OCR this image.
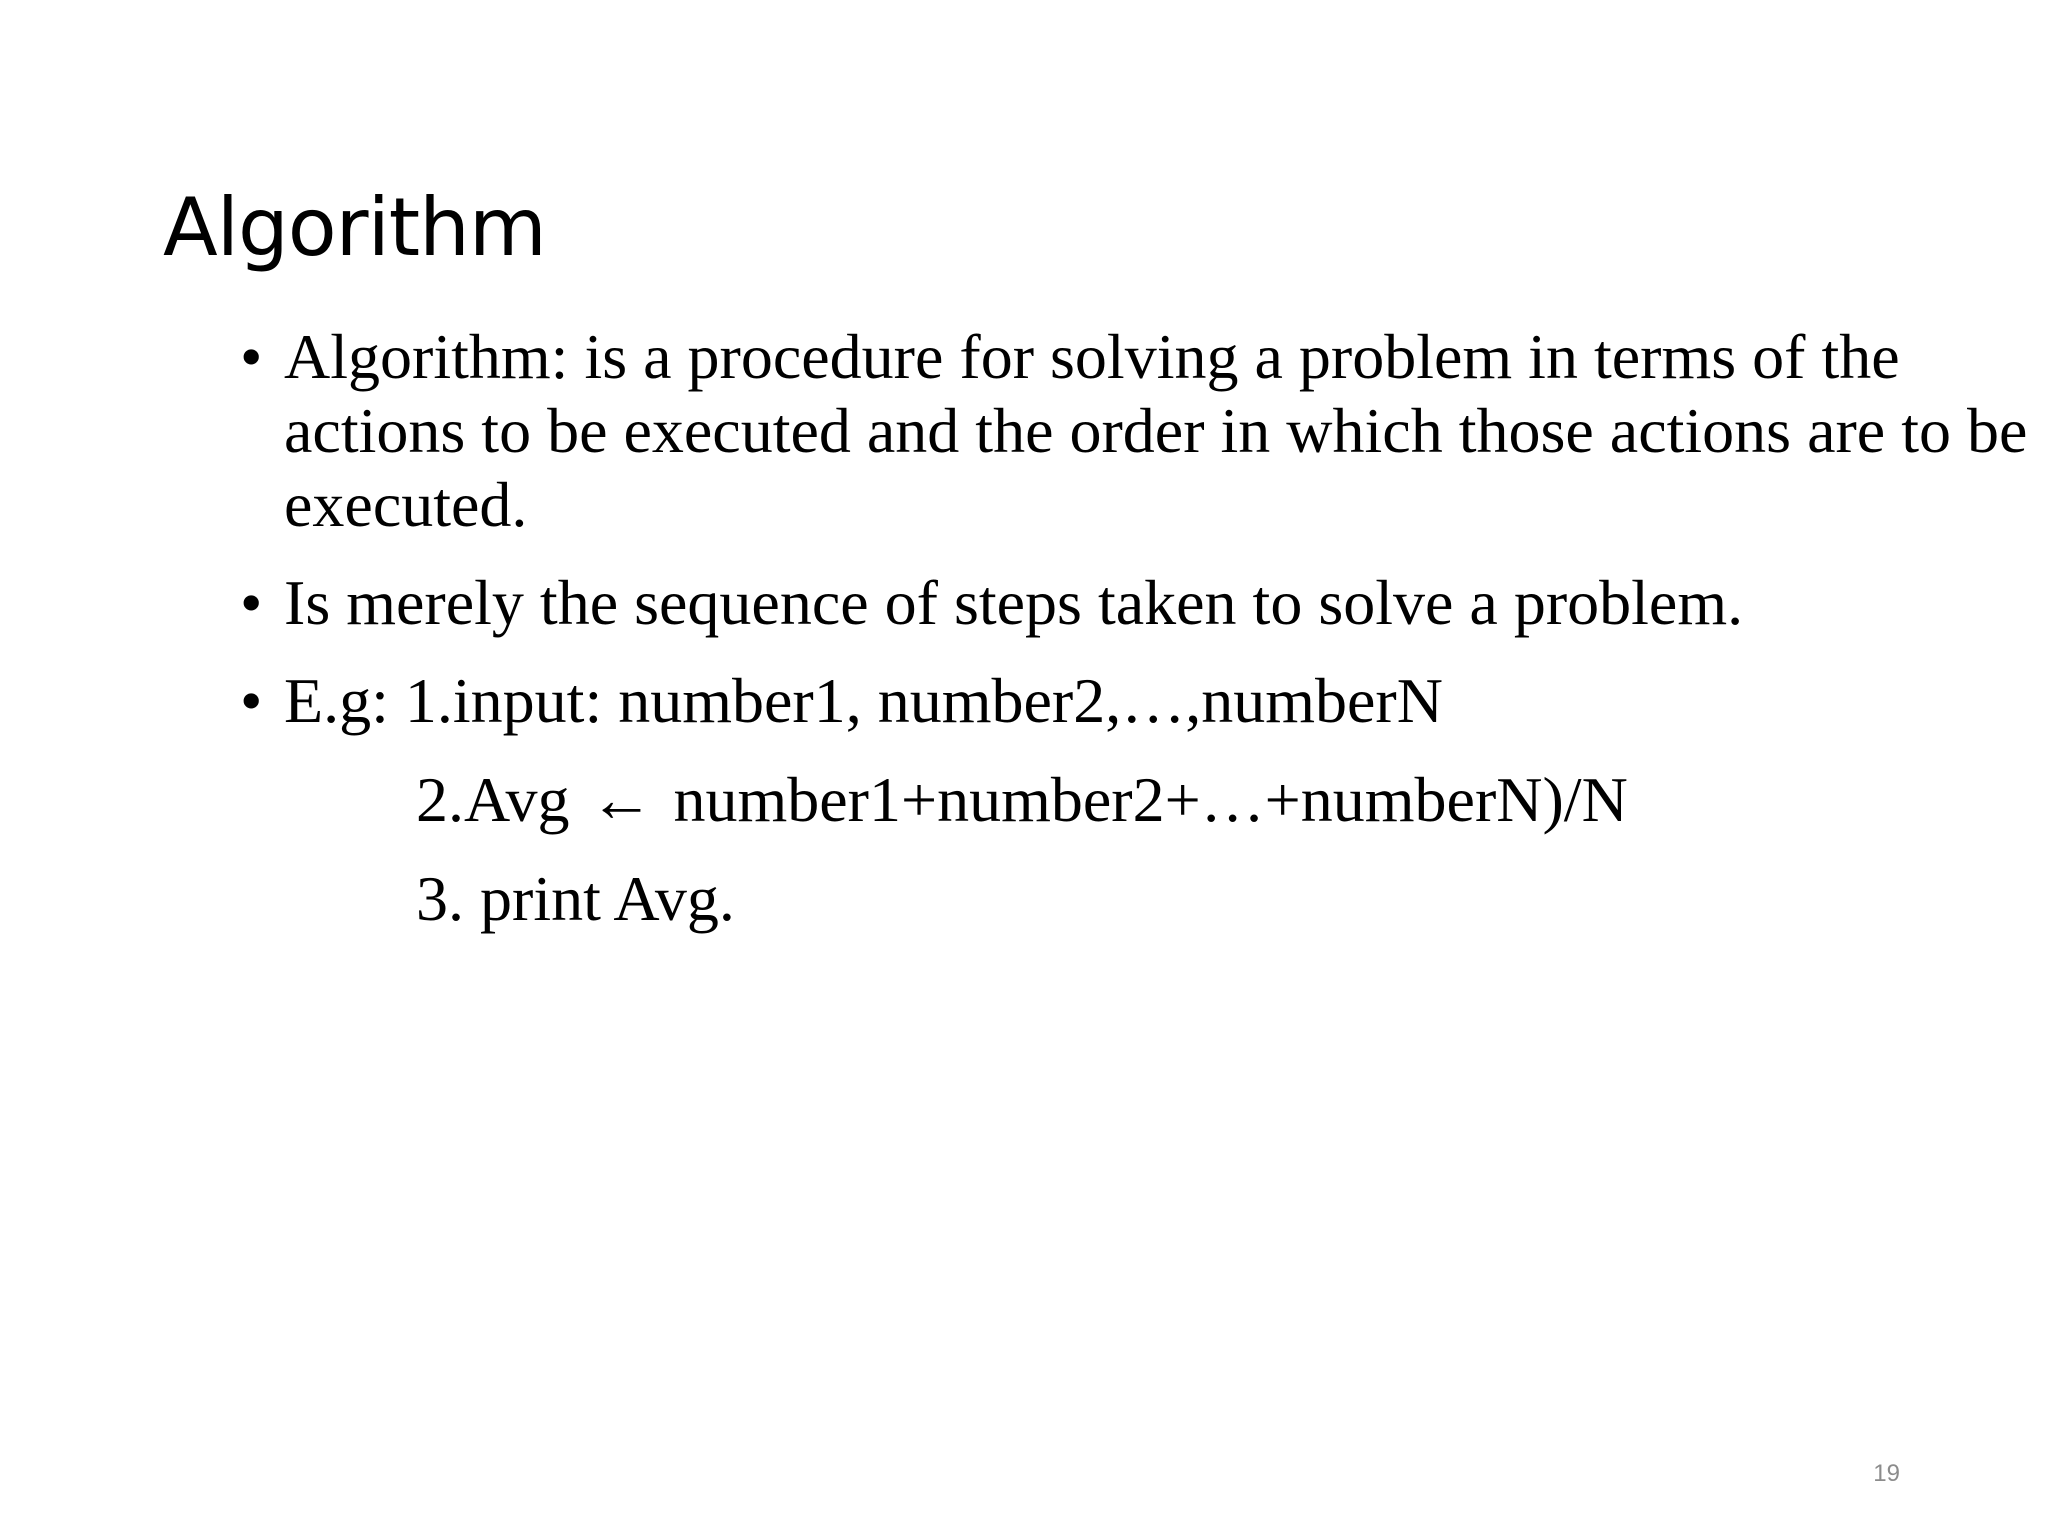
Algorithm
• Algorithm: is a procedure for solving a problem in terms of the actions to be executed and the order in which those actions are to be executed.
• Is merely the sequence of steps taken to solve a problem.
• E.g: 1.input: number1, number2,…,numberN
2.Avg ← number1+number2+…+numberN)/N
3. print Avg.
19
